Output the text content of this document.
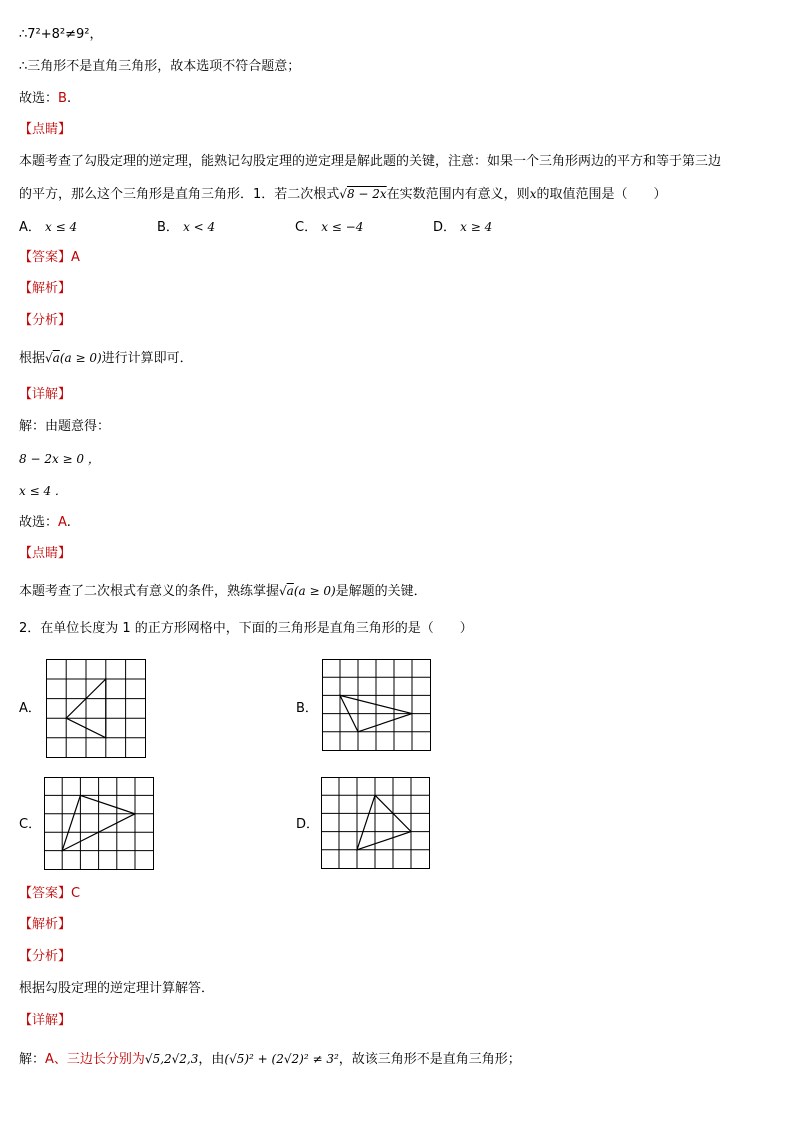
∴7²+8²≠9²，
∴三角形不是直角三角形，故本选项不符合题意；
故选：B.
【点睛】
本题考查了勾股定理的逆定理，能熟记勾股定理的逆定理是解此题的关键，注意：如果一个三角形两边的平方和等于第三边
的平方，那么这个三角形是直角三角形．1．若二次根式√8 − 2x在实数范围内有意义，则x的取值范围是（　　）
A． x ≤ 4	B． x < 4	C． x ≤ −4	D． x ≥ 4
【答案】A
【解析】
【分析】
根据√a(a ≥ 0)进行计算即可．
【详解】
解：由题意得：
8 − 2x ≥ 0 ，
x ≤ 4 ．
故选：A.
【点睛】
本题考查了二次根式有意义的条件，熟练掌握√a(a ≥ 0)是解题的关键．
2．在单位长度为 1 的正方形网格中，下面的三角形是直角三角形的是（　　）
A．	B．
C．	D．
【答案】C
【解析】
【分析】
根据勾股定理的逆定理计算解答．
【详解】
解：A、三边长分别为√5,2√2,3，由(√5)² + (2√2)² ≠ 3²，故该三角形不是直角三角形；
